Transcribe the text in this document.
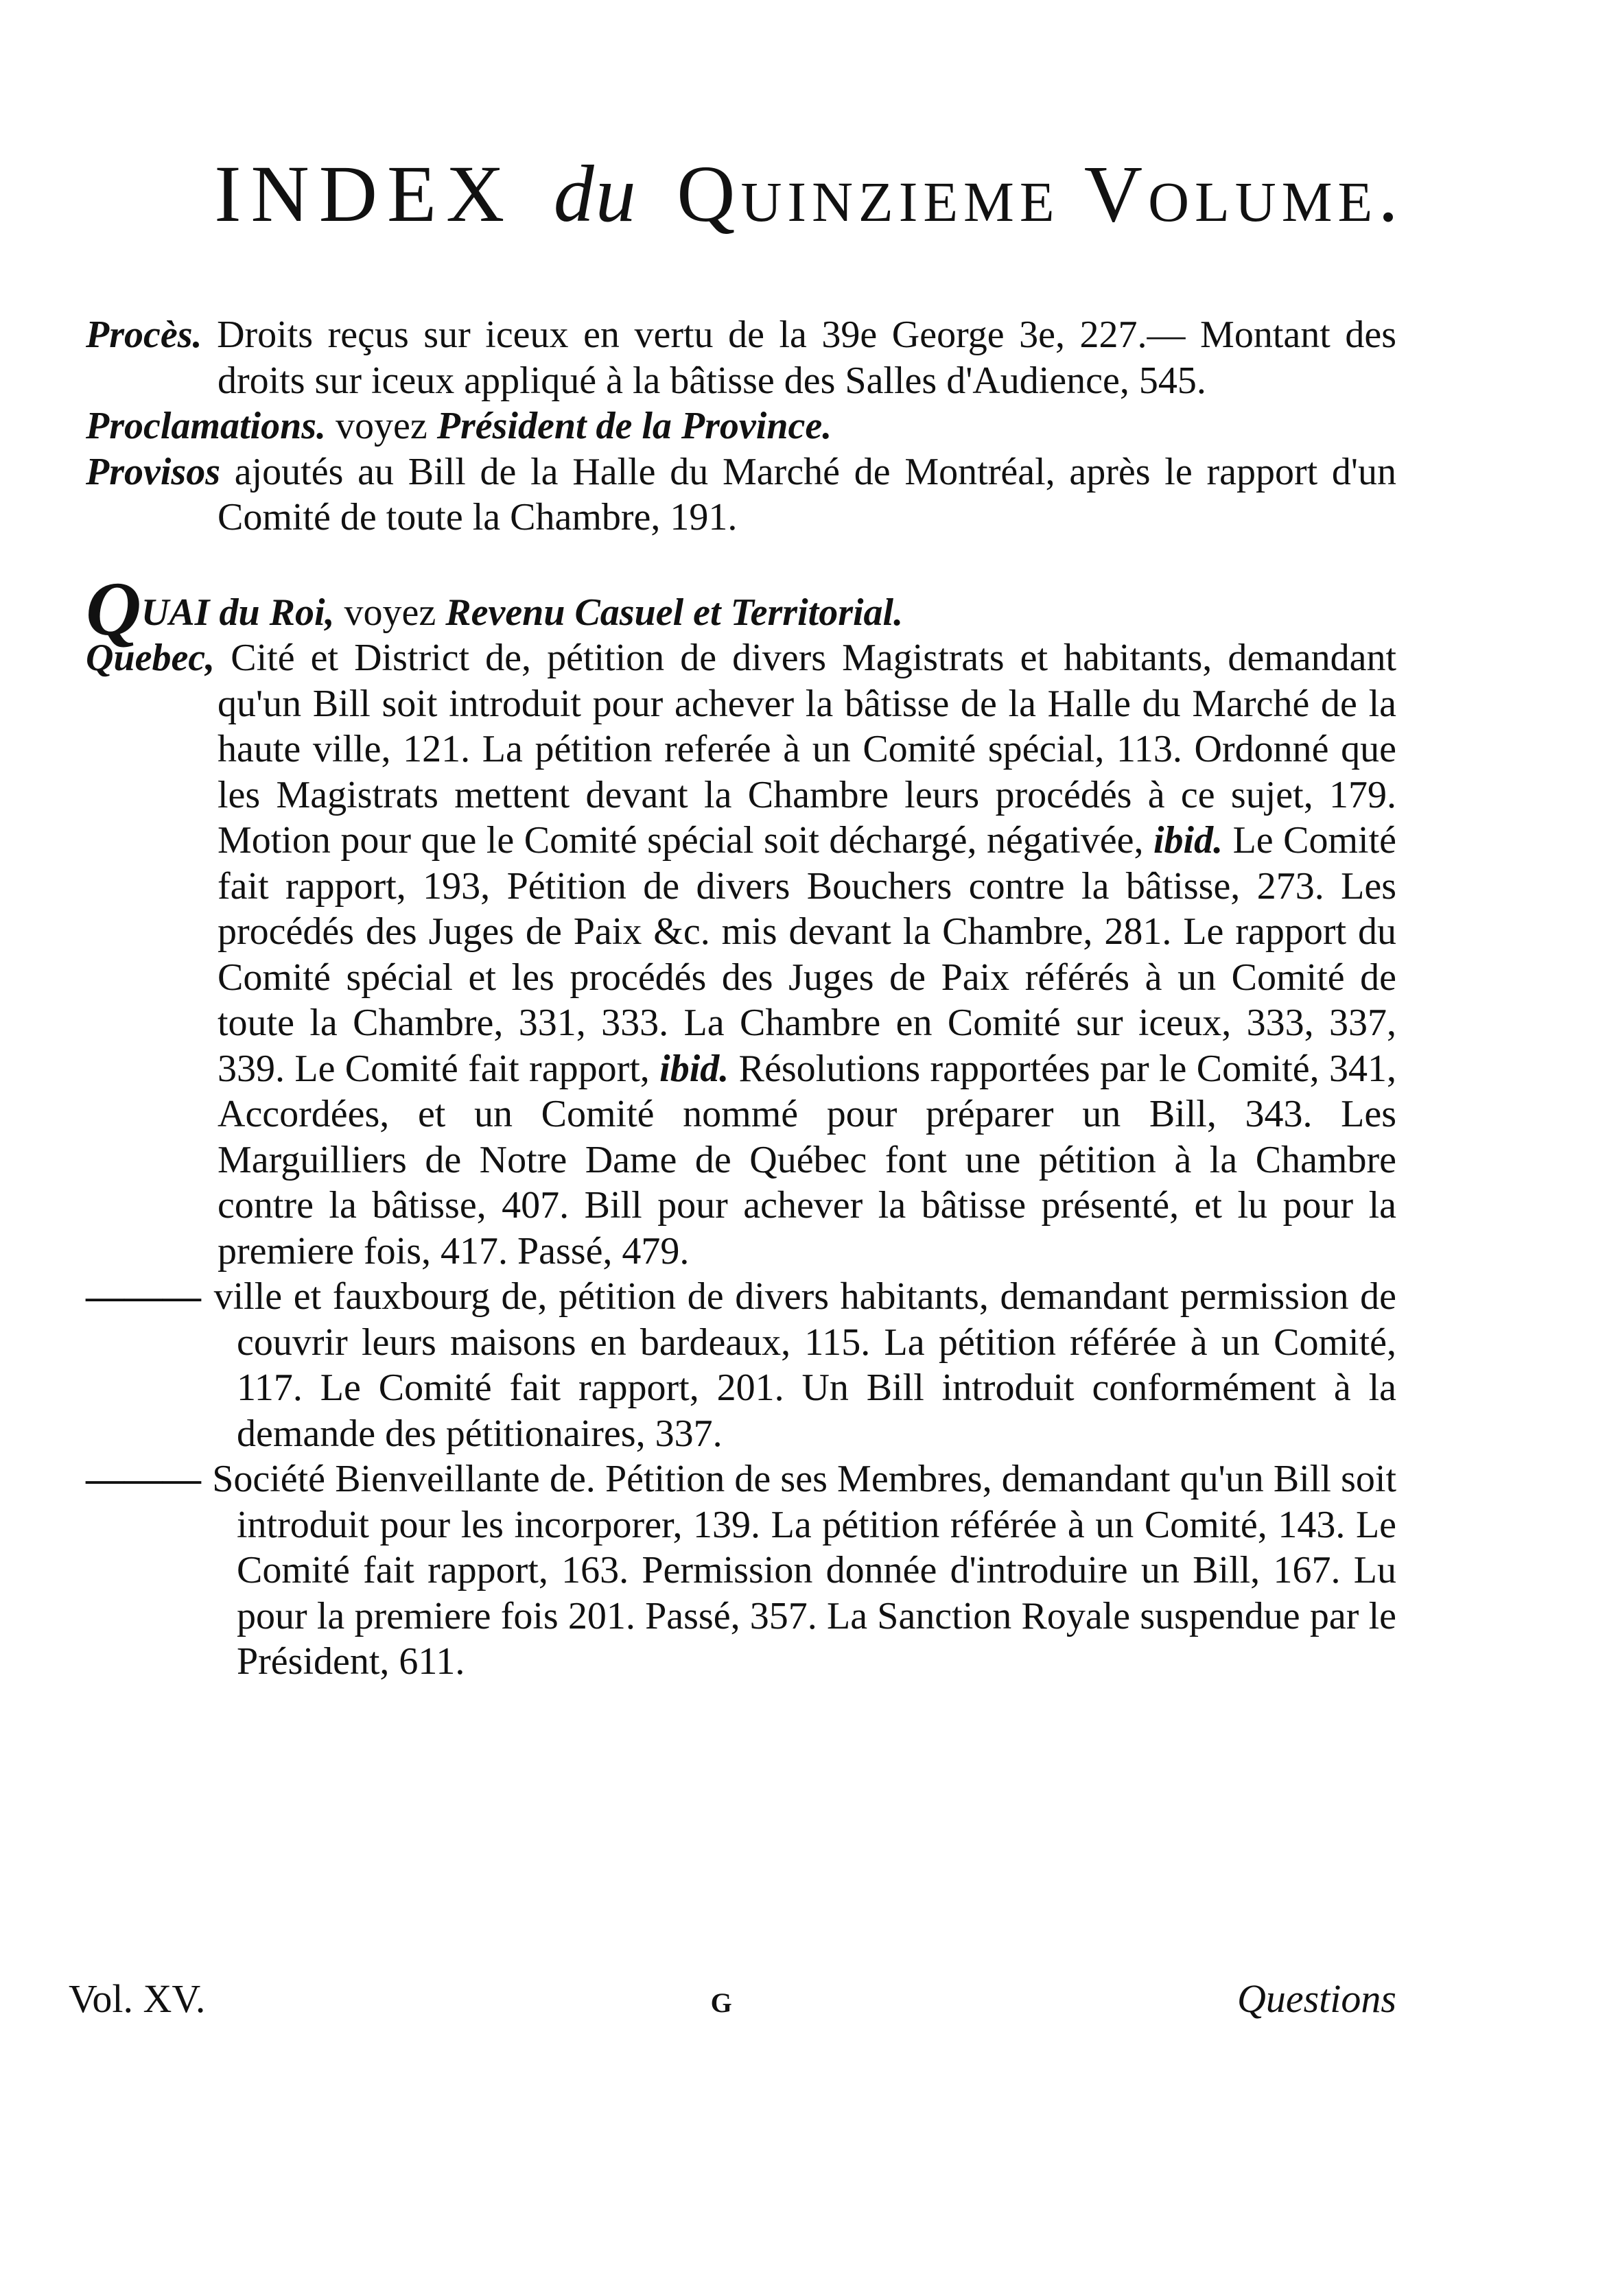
INDEX du Quinzieme Volume.

Procès. Droits reçus sur iceux en vertu de la 39e George 3e, 227.— Montant des droits sur iceux appliqué à la bâtisse des Salles d'Audience, 545.

Proclamations. voyez Président de la Province.

Provisos ajoutés au Bill de la Halle du Marché de Montréal, après le rapport d'un Comité de toute la Chambre, 191.

QUAI du Roi, voyez Revenu Casuel et Territorial.

Quebec, Cité et District de, pétition de divers Magistrats et habitants, demandant qu'un Bill soit introduit pour achever la bâtisse de la Halle du Marché de la haute ville, 121. La pétition referée à un Comité spécial, 113. Ordonné que les Magistrats mettent devant la Chambre leurs procédés à ce sujet, 179. Motion pour que le Comité spécial soit déchargé, négativée, ibid. Le Comité fait rapport, 193, Pétition de divers Bouchers contre la bâtisse, 273. Les procédés des Juges de Paix &c. mis devant la Chambre, 281. Le rapport du Comité spécial et les procédés des Juges de Paix référés à un Comité de toute la Chambre, 331, 333. La Chambre en Comité sur iceux, 333, 337, 339. Le Comité fait rapport, ibid. Résolutions rapportées par le Comité, 341, Accordées, et un Comité nommé pour préparer un Bill, 343. Les Marguilliers de Notre Dame de Québec font une pétition à la Chambre contre la bâtisse, 407. Bill pour achever la bâtisse présenté, et lu pour la premiere fois, 417. Passé, 479.

——— ville et fauxbourg de, pétition de divers habitants, demandant permission de couvrir leurs maisons en bardeaux, 115. La pétition référée à un Comité, 117. Le Comité fait rapport, 201. Un Bill introduit conformément à la demande des pétitionaires, 337.

——— Société Bienveillante de. Pétition de ses Membres, demandant qu'un Bill soit introduit pour les incorporer, 139. La pétition référée à un Comité, 143. Le Comité fait rapport, 163. Permission donnée d'introduire un Bill, 167. Lu pour la premiere fois 201. Passé, 357. La Sanction Royale suspendue par le Président, 611.

Vol. XV.	G	Questions
